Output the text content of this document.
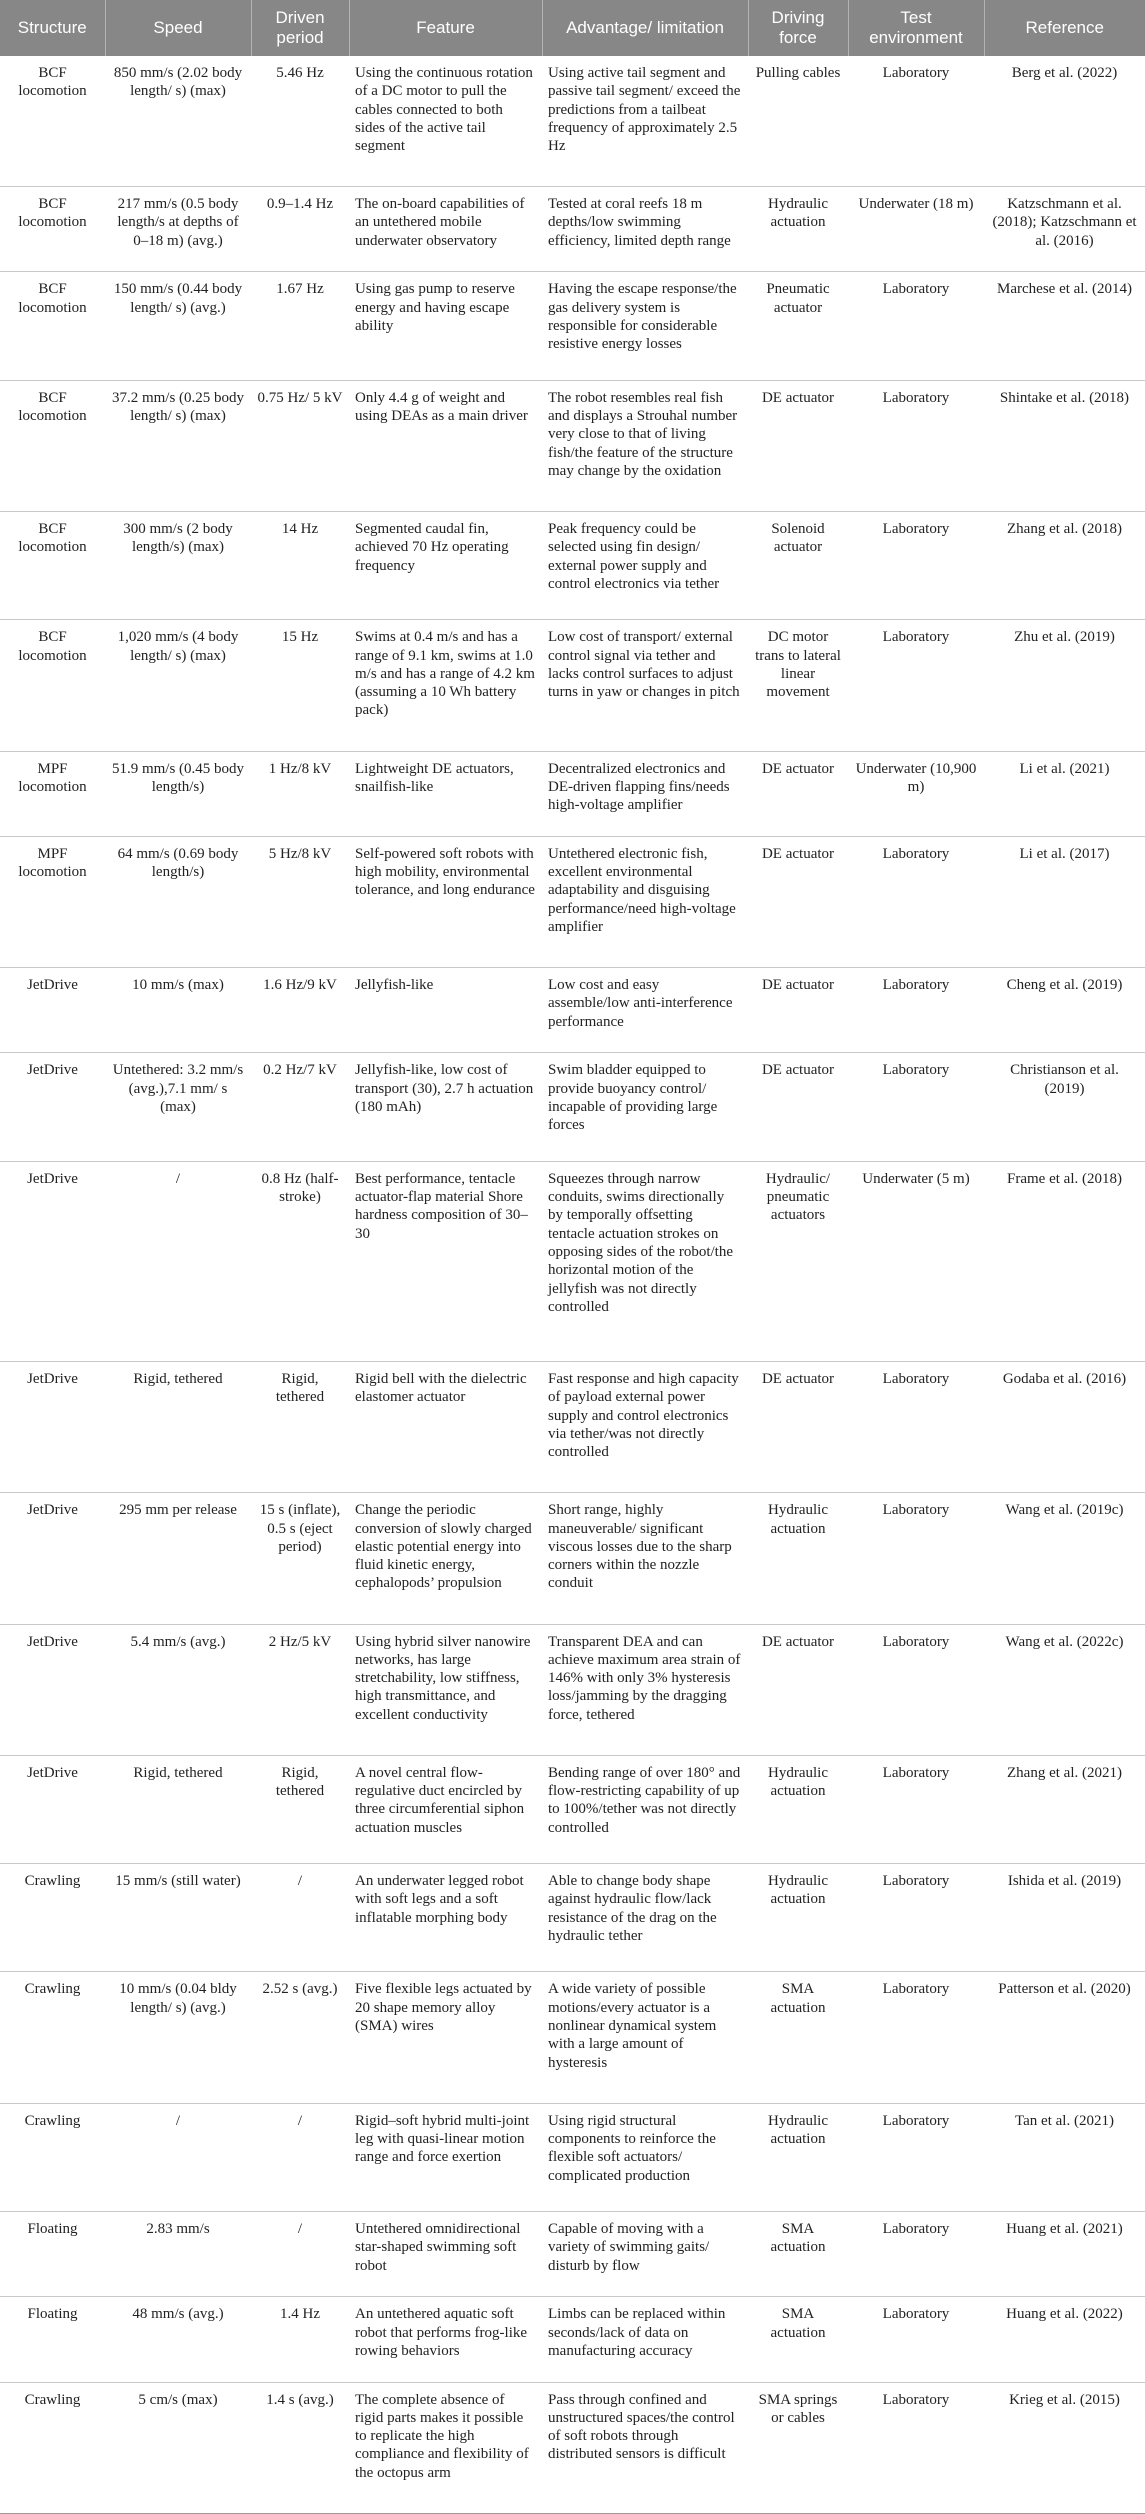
Structure	Speed	Driven period	Feature	Advantage/ limitation	Driving force	Test environment	Reference
BCF locomotion	850 mm/s (2.02 body length/ s) (max)	5.46 Hz	Using the continuous rotation of a DC motor to pull the cables connected to both sides of the active tail segment	Using active tail segment and passive tail segment/ exceed the predictions from a tailbeat frequency of approximately 2.5 Hz	Pulling cables	Laboratory	Berg et al. (2022)
BCF locomotion	217 mm/s (0.5 body length/s at depths of 0–18 m) (avg.)	0.9–1.4 Hz	The on-board capabilities of an untethered mobile underwater observatory	Tested at coral reefs 18 m depths/low swimming efficiency, limited depth range	Hydraulic actuation	Underwater (18 m)	Katzschmann et al. (2018); Katzschmann et al. (2016)
BCF locomotion	150 mm/s (0.44 body length/ s) (avg.)	1.67 Hz	Using gas pump to reserve energy and having escape ability	Having the escape response/the gas delivery system is responsible for considerable resistive energy losses	Pneumatic actuator	Laboratory	Marchese et al. (2014)
BCF locomotion	37.2 mm/s (0.25 body length/ s) (max)	0.75 Hz/ 5 kV	Only 4.4 g of weight and using DEAs as a main driver	The robot resembles real fish and displays a Strouhal number very close to that of living fish/the feature of the structure may change by the oxidation	DE actuator	Laboratory	Shintake et al. (2018)
BCF locomotion	300 mm/s (2 body length/s) (max)	14 Hz	Segmented caudal fin, achieved 70 Hz operating frequency	Peak frequency could be selected using fin design/ external power supply and control electronics via tether	Solenoid actuator	Laboratory	Zhang et al. (2018)
BCF locomotion	1,020 mm/s (4 body length/ s) (max)	15 Hz	Swims at 0.4 m/s and has a range of 9.1 km, swims at 1.0 m/s and has a range of 4.2 km (assuming a 10 Wh battery pack)	Low cost of transport/ external control signal via tether and lacks control surfaces to adjust turns in yaw or changes in pitch	DC motor trans to lateral linear movement	Laboratory	Zhu et al. (2019)
MPF locomotion	51.9 mm/s (0.45 body length/s)	1 Hz/8 kV	Lightweight DE actuators, snailfish-like	Decentralized electronics and DE-driven flapping fins/needs high-voltage amplifier	DE actuator	Underwater (10,900 m)	Li et al. (2021)
MPF locomotion	64 mm/s (0.69 body length/s)	5 Hz/8 kV	Self-powered soft robots with high mobility, environmental tolerance, and long endurance	Untethered electronic fish, excellent environmental adaptability and disguising performance/need high-voltage amplifier	DE actuator	Laboratory	Li et al. (2017)
JetDrive	10 mm/s (max)	1.6 Hz/9 kV	Jellyfish-like	Low cost and easy assemble/low anti-interference performance	DE actuator	Laboratory	Cheng et al. (2019)
JetDrive	Untethered: 3.2 mm/s (avg.),7.1 mm/ s (max)	0.2 Hz/7 kV	Jellyfish-like, low cost of transport (30), 2.7 h actuation (180 mAh)	Swim bladder equipped to provide buoyancy control/ incapable of providing large forces	DE actuator	Laboratory	Christianson et al. (2019)
JetDrive	/	0.8 Hz (half-stroke)	Best performance, tentacle actuator-flap material Shore hardness composition of 30–30	Squeezes through narrow conduits, swims directionally by temporally offsetting tentacle actuation strokes on opposing sides of the robot/the horizontal motion of the jellyfish was not directly controlled	Hydraulic/ pneumatic actuators	Underwater (5 m)	Frame et al. (2018)
JetDrive	Rigid, tethered	Rigid, tethered	Rigid bell with the dielectric elastomer actuator	Fast response and high capacity of payload external power supply and control electronics via tether/was not directly controlled	DE actuator	Laboratory	Godaba et al. (2016)
JetDrive	295 mm per release	15 s (inflate), 0.5 s (eject period)	Change the periodic conversion of slowly charged elastic potential energy into fluid kinetic energy, cephalopods’ propulsion	Short range, highly maneuverable/ significant viscous losses due to the sharp corners within the nozzle conduit	Hydraulic actuation	Laboratory	Wang et al. (2019c)
JetDrive	5.4 mm/s (avg.)	2 Hz/5 kV	Using hybrid silver nanowire networks, has large stretchability, low stiffness, high transmittance, and excellent conductivity	Transparent DEA and can achieve maximum area strain of 146% with only 3% hysteresis loss/jamming by the dragging force, tethered	DE actuator	Laboratory	Wang et al. (2022c)
JetDrive	Rigid, tethered	Rigid, tethered	A novel central flow-regulative duct encircled by three circumferential siphon actuation muscles	Bending range of over 180° and flow-restricting capability of up to 100%/tether was not directly controlled	Hydraulic actuation	Laboratory	Zhang et al. (2021)
Crawling	15 mm/s (still water)	/	An underwater legged robot with soft legs and a soft inflatable morphing body	Able to change body shape against hydraulic flow/lack resistance of the drag on the hydraulic tether	Hydraulic actuation	Laboratory	Ishida et al. (2019)
Crawling	10 mm/s (0.04 bldy length/ s) (avg.)	2.52 s (avg.)	Five flexible legs actuated by 20 shape memory alloy (SMA) wires	A wide variety of possible motions/every actuator is a nonlinear dynamical system with a large amount of hysteresis	SMA actuation	Laboratory	Patterson et al. (2020)
Crawling	/	/	Rigid–soft hybrid multi-joint leg with quasi-linear motion range and force exertion	Using rigid structural components to reinforce the flexible soft actuators/ complicated production	Hydraulic actuation	Laboratory	Tan et al. (2021)
Floating	2.83 mm/s	/	Untethered omnidirectional star-shaped swimming soft robot	Capable of moving with a variety of swimming gaits/ disturb by flow	SMA actuation	Laboratory	Huang et al. (2021)
Floating	48 mm/s (avg.)	1.4 Hz	An untethered aquatic soft robot that performs frog-like rowing behaviors	Limbs can be replaced within seconds/lack of data on manufacturing accuracy	SMA actuation	Laboratory	Huang et al. (2022)
Crawling	5 cm/s (max)	1.4 s (avg.)	The complete absence of rigid parts makes it possible to replicate the high compliance and flexibility of the octopus arm	Pass through confined and unstructured spaces/the control of soft robots through distributed sensors is difficult	SMA springs or cables	Laboratory	Krieg et al. (2015)
